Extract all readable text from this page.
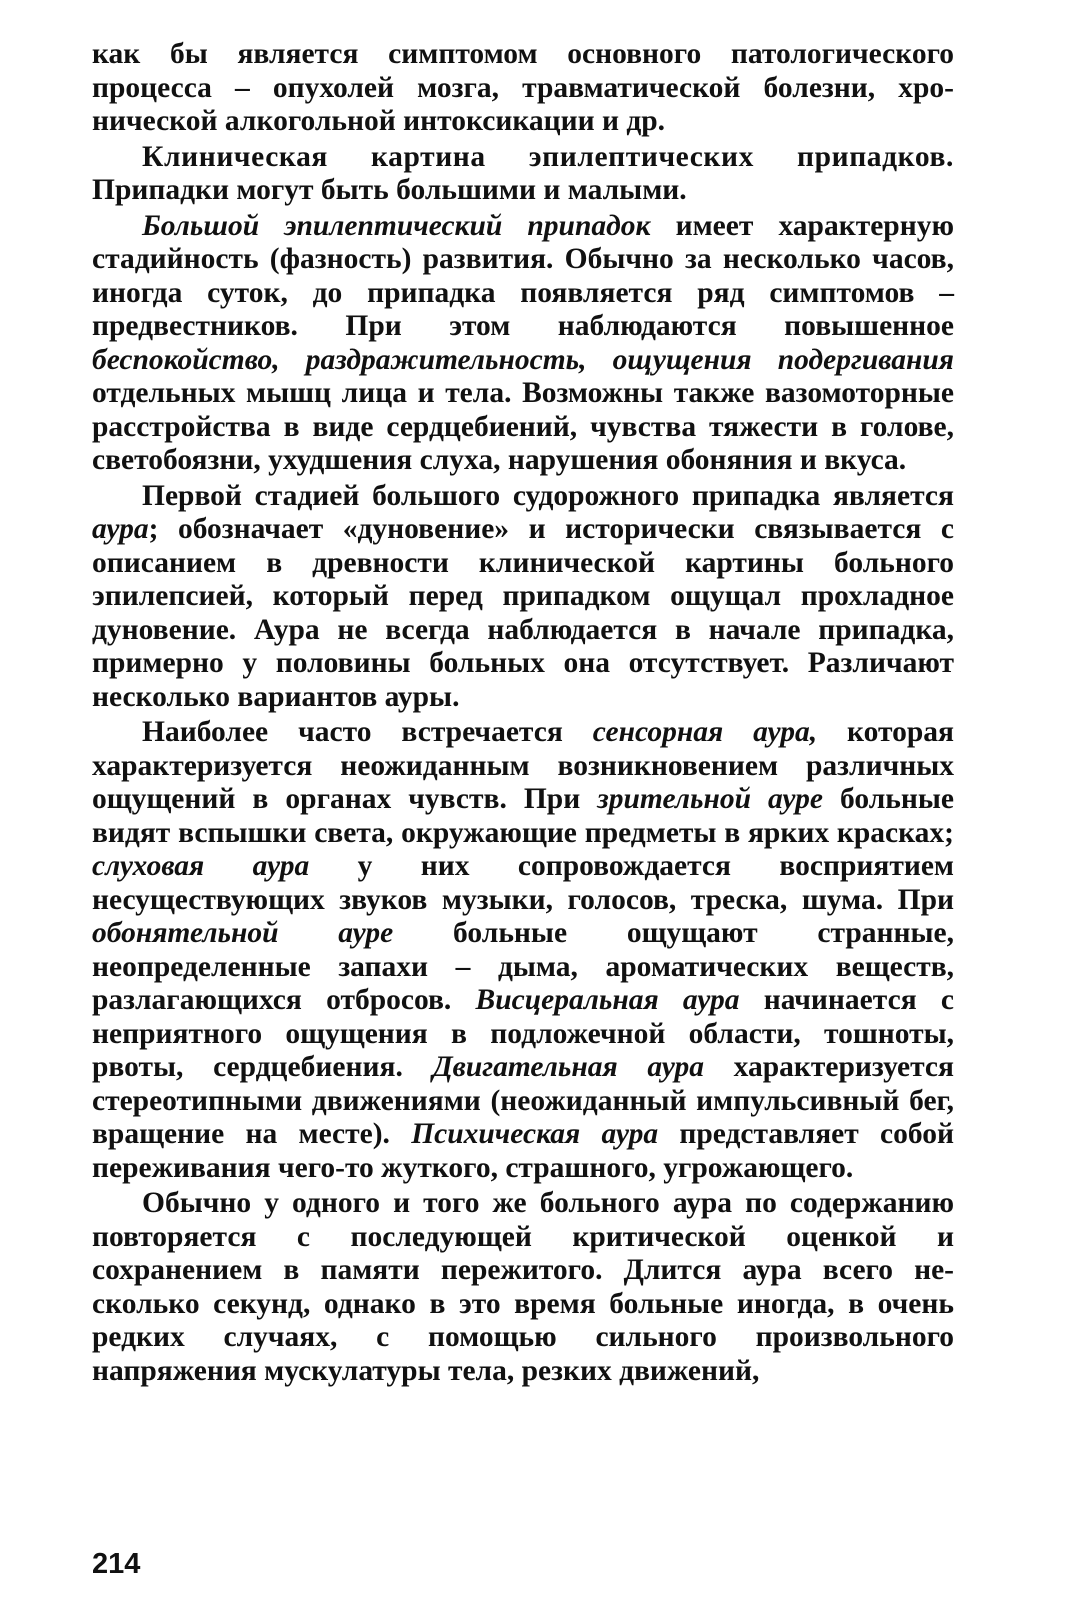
как бы является симптомом основного патологического процесса – опухолей мозга, травматической болезни, хронической алкогольной интоксикации и др.

Клиническая картина эпилептических припадков. Припадки могут быть большими и малыми.

Большой эпилептический припадок имеет характерную стадийность (фазность) развития. Обычно за несколько часов, иногда суток, до припадка появляется ряд симптомов – предвестников. При этом наблюдаются повышенное беспокойство, раздражительность, ощущения подергивания отдельных мышц лица и тела. Возможны также вазомоторные расстройства в виде сердцебиений, чувства тяжести в голове, светобоязни, ухудшения слуха, нарушения обоняния и вкуса.

Первой стадией большого судорожного припадка является аура; обозначает «дуновение» и исторически связывается с описанием в древности клинической картины больного эпилепсией, который перед припадком ощущал прохладное дуновение. Аура не всегда наблюдается в начале припадка, примерно у половины больных она отсутствует. Различают несколько вариантов ауры.

Наиболее часто встречается сенсорная аура, которая характеризуется неожиданным возникновением различных ощущений в органах чувств. При зрительной ауре больные видят вспышки света, окружающие предметы в ярких красках; слуховая аура у них сопровождается восприятием несуществующих звуков музыки, голосов, треска, шума. При обонятельной ауре больные ощущают странные, неопределенные запахи – дыма, ароматических веществ, разлагающихся отбросов. Висцеральная аура начинается с неприятного ощущения в подложечной области, тошноты, рвоты, сердцебиения. Двигательная аура характеризуется стереотипными движениями (неожиданный импульсивный бег, вращение на месте). Психическая аура представляет собой переживания чего-то жуткого, страшного, угрожающего.

Обычно у одного и того же больного аура по содержанию повторяется с последующей критической оценкой и сохранением в памяти пережитого. Длится аура всего несколько секунд, однако в это время больные иногда, в очень редких случаях, с помощью сильного произвольного напряжения мускулатуры тела, резких движений,

214
